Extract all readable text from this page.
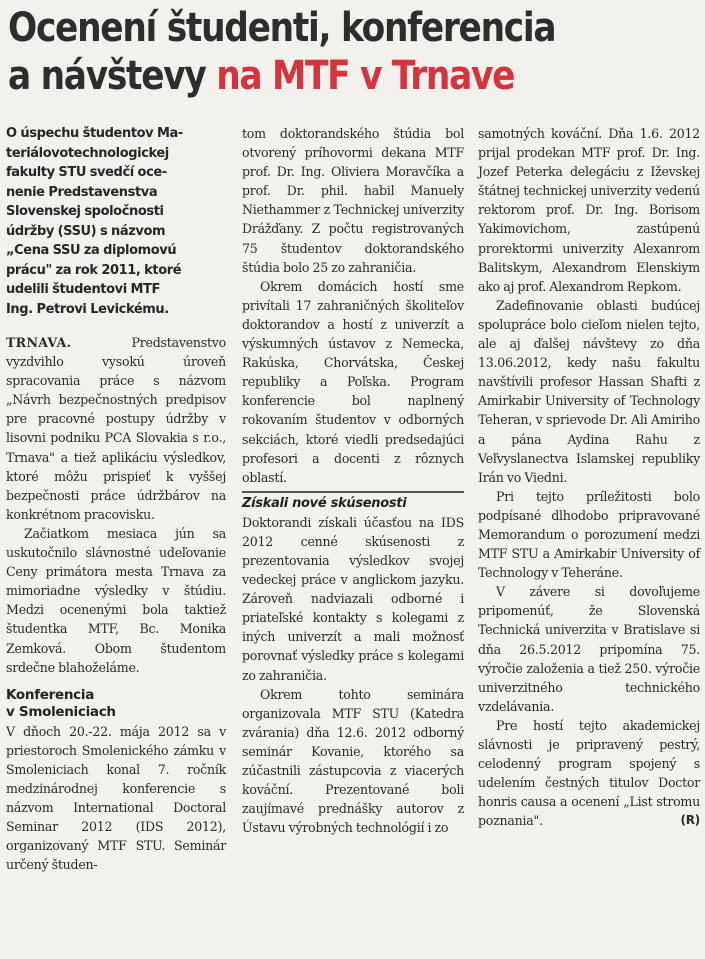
Ocenení študenti, konferencia
a návštevy na MTF v Trnave
O úspechu študentov Ma-
teriálovotechnologickej
fakulty STU svedčí oce-
nenie Predstavenstva
Slovenskej spoločnosti
údržby (SSU) s názvom
„Cena SSU za diplomovú
prácu" za rok 2011, ktoré
udelili študentovi MTF
Ing. Petrovi Levickému.

TRNAVA.	Predstavenstvo vyzdvihlo vysokú úroveň spracovania práce s názvom „Návrh bezpečnostných predpisov pre pracovné postupy údržby v lisovni podniku PCA Slovakia s r.o., Trnava" a tiež aplikáciu výsledkov, ktoré môžu prispieť k vyššej bezpečnosti práce údržbárov na konkrétnom pracovisku.

Začiatkom mesiaca jún sa uskutočnilo slávnostné udeľovanie Ceny primátora mesta Trnava za mimoriadne výsledky v štúdiu. Medzi ocenenými bola taktiež študentka MTF, Bc. Monika Zemková. Obom študentom srdečne blahoželáme.

Konferencia
v Smoleniciach

V dňoch 20.-22. mája 2012 sa v priestoroch Smolenického zámku v Smoleniciach konal 7. ročník medzinárodnej konferencie s názvom International Doctoral Seminar 2012 (IDS 2012), organizovaný MTF STU. Seminár určený študen-

tom doktorandského štúdia bol otvorený príhovormi dekana MTF prof. Dr. Ing. Oliviera Moravčíka a prof. Dr. phil. habil Manuely Niethammer z Technickej univerzity Drážďany. Z počtu registrovaných 75 študentov doktorandského štúdia bolo 25 zo zahraničia.

Okrem domácich hostí sme privítali 17 zahraničných školiteľov doktorandov a hostí z univerzít a výskumných ústavov z Nemecka, Rakúska, Chorvátska, Českej republiky a Poľska. Program konferencie bol naplnený rokovaním študentov v odborných sekciách, ktoré viedli predsedajúci profesori a docenti z rôznych oblastí.

Získali nové skúsenosti

Doktorandi získali účasťou na IDS 2012 cenné skúsenosti z prezentovania výsledkov svojej vedeckej práce v anglickom jazyku. Zároveň nadviazali odborné i priateľské kontakty s kolegami z iných univerzít a mali možnosť porovnať výsledky práce s kolegami zo zahraničia.

Okrem tohto seminára organizovala MTF STU (Katedra zvárania) dňa 12.6. 2012 odborný seminár Kovanie, ktorého sa zúčastnili zástupcovia z viacerých kováční. Prezentované boli zaujímavé prednášky autorov z Ústavu výrobných technológií i zo

samotných kováční. Dňa 1.6. 2012 prijal prodekan MTF prof. Dr. Ing. Jozef Peterka delegáciu z Iževskej štátnej technickej univerzity vedenú rektorom prof. Dr. Ing. Borisom Yakimovichom, zastúpenú prorektormi univerzity Alexanrom Balitskym, Alexandrom Elenskiym ako aj prof. Alexandrom Repkom.

Zadefinovanie oblasti budúcej spolupráce bolo cieľom nielen tejto, ale aj ďalšej návštevy zo dňa 13.06.2012, kedy našu fakultu navštívili profesor Hassan Shafti z Amirkabir University of Technology Teheran, v sprievode Dr. Ali Amiriho a pána Aydina Rahu z Veľvyslanectva Islamskej republiky Irán vo Viedni.

Pri tejto príležitosti bolo podpísané dlhodobo pripravované Memorandum o porozumení medzi MTF STU a Amirkabir University of Technology v Teheráne.

V závere si dovoľujeme pripomenúť, že Slovenská Technická univerzita v Bratislave si dňa 26.5.2012 pripomína 75. výročie založenia a tiež 250. výročie univerzitného technického vzdelávania.

Pre hostí tejto akademickej slávnosti je pripravený pestrý, celodenný program spojený s udelením čestných titulov Doctor honris causa a ocenení „List stromu poznania".	(R)
